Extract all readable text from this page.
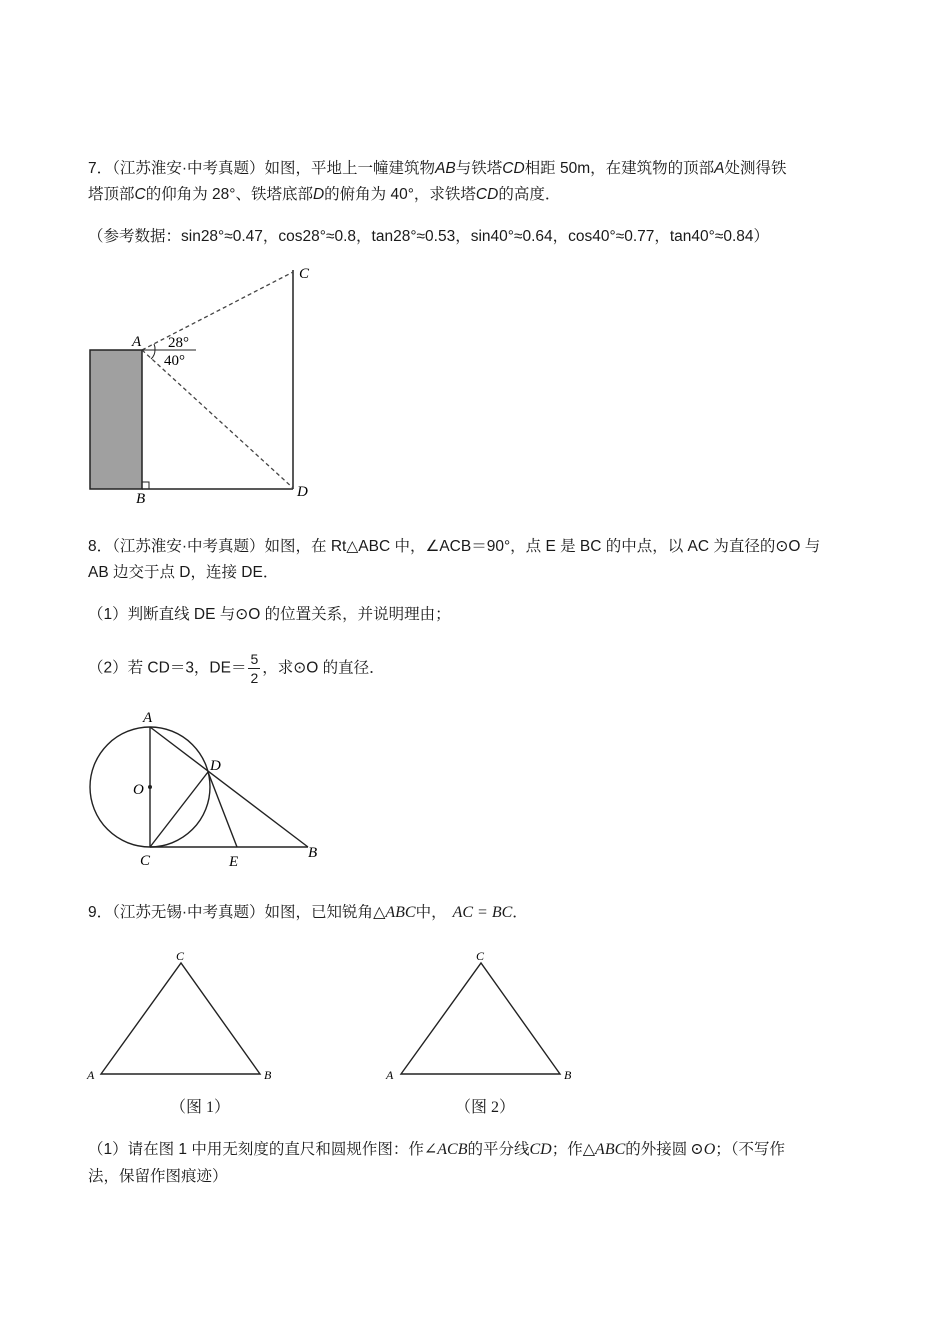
7．（江苏淮安·中考真题）如图，平地上一幢建筑物AB与铁塔CD相距 50m，在建筑物的顶部A处测得铁
塔顶部C的仰角为 28°、铁塔底部D的俯角为 40°，求铁塔CD的高度．
（参考数据：sin28°≈0.47，cos28°≈0.8，tan28°≈0.53，sin40°≈0.64，cos40°≈0.77，tan40°≈0.84）
A
B
C
D
28°
40°
8．（江苏淮安·中考真题）如图，在 Rt△ABC 中，∠ACB＝90°，点 E 是 BC 的中点，以 AC 为直径的⊙O 与
AB 边交于点 D，连接 DE．
（1）判断直线 DE 与⊙O 的位置关系，并说明理由；
（2）若 CD＝3，$DE= \frac{5}{2}$ ，求⊙O 的直径．
A
O
C
D
E
B
9．（江苏无锡·中考真题）如图，已知锐角△ABC中， AC = BC．
C
A	B
（图 1）
C
A	B
（图 2）
（1）请在图 1 中用无刻度的直尺和圆规作图：作∠ACB的平分线CD；作△ABC的外接圆 ⊙O；（不写作
法，保留作图痕迹）
